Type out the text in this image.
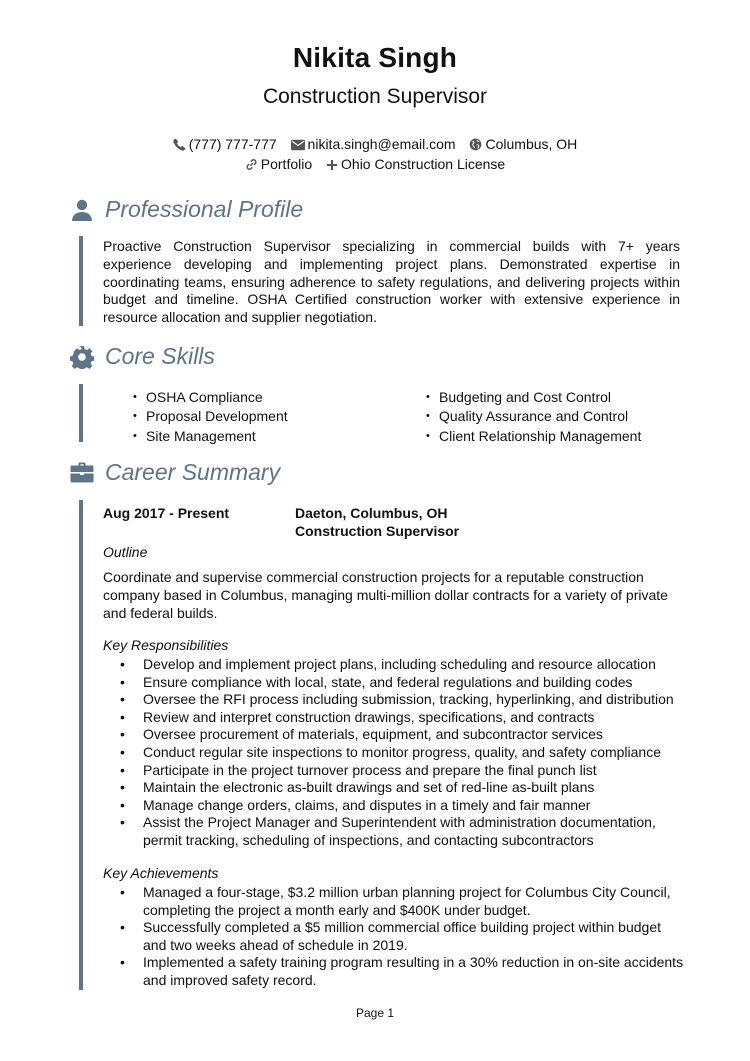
Nikita Singh
Construction Supervisor
(777) 777-777 nikita.singh@email.com Columbus, OH
Portfolio Ohio Construction License
Professional Profile

Proactive Construction Supervisor specializing in commercial builds with 7+ years experience developing and implementing project plans. Demonstrated expertise in coordinating teams, ensuring adherence to safety regulations, and delivering projects within budget and timeline. OSHA Certified construction worker with extensive experience in resource allocation and supplier negotiation.

Core Skills
• OSHA Compliance
• Proposal Development
• Site Management
• Budgeting and Cost Control
• Quality Assurance and Control
• Client Relationship Management
Career Summary
Aug 2017 - Present	Daeton, Columbus, OH
Construction Supervisor
Outline

Coordinate and supervise commercial construction projects for a reputable construction company based in Columbus, managing multi-million dollar contracts for a variety of private and federal builds.

Key Responsibilities
• Develop and implement project plans, including scheduling and resource allocation
• Ensure compliance with local, state, and federal regulations and building codes
• Oversee the RFI process including submission, tracking, hyperlinking, and distribution
• Review and interpret construction drawings, specifications, and contracts
• Oversee procurement of materials, equipment, and subcontractor services
• Conduct regular site inspections to monitor progress, quality, and safety compliance
• Participate in the project turnover process and prepare the final punch list
• Maintain the electronic as-built drawings and set of red-line as-built plans
• Manage change orders, claims, and disputes in a timely and fair manner
• Assist the Project Manager and Superintendent with administration documentation, permit tracking, scheduling of inspections, and contacting subcontractors
Key Achievements
• Managed a four-stage, $3.2 million urban planning project for Columbus City Council, completing the project a month early and $400K under budget.
• Successfully completed a $5 million commercial office building project within budget and two weeks ahead of schedule in 2019.
• Implemented a safety training program resulting in a 30% reduction in on-site accidents and improved safety record.
Page 1
